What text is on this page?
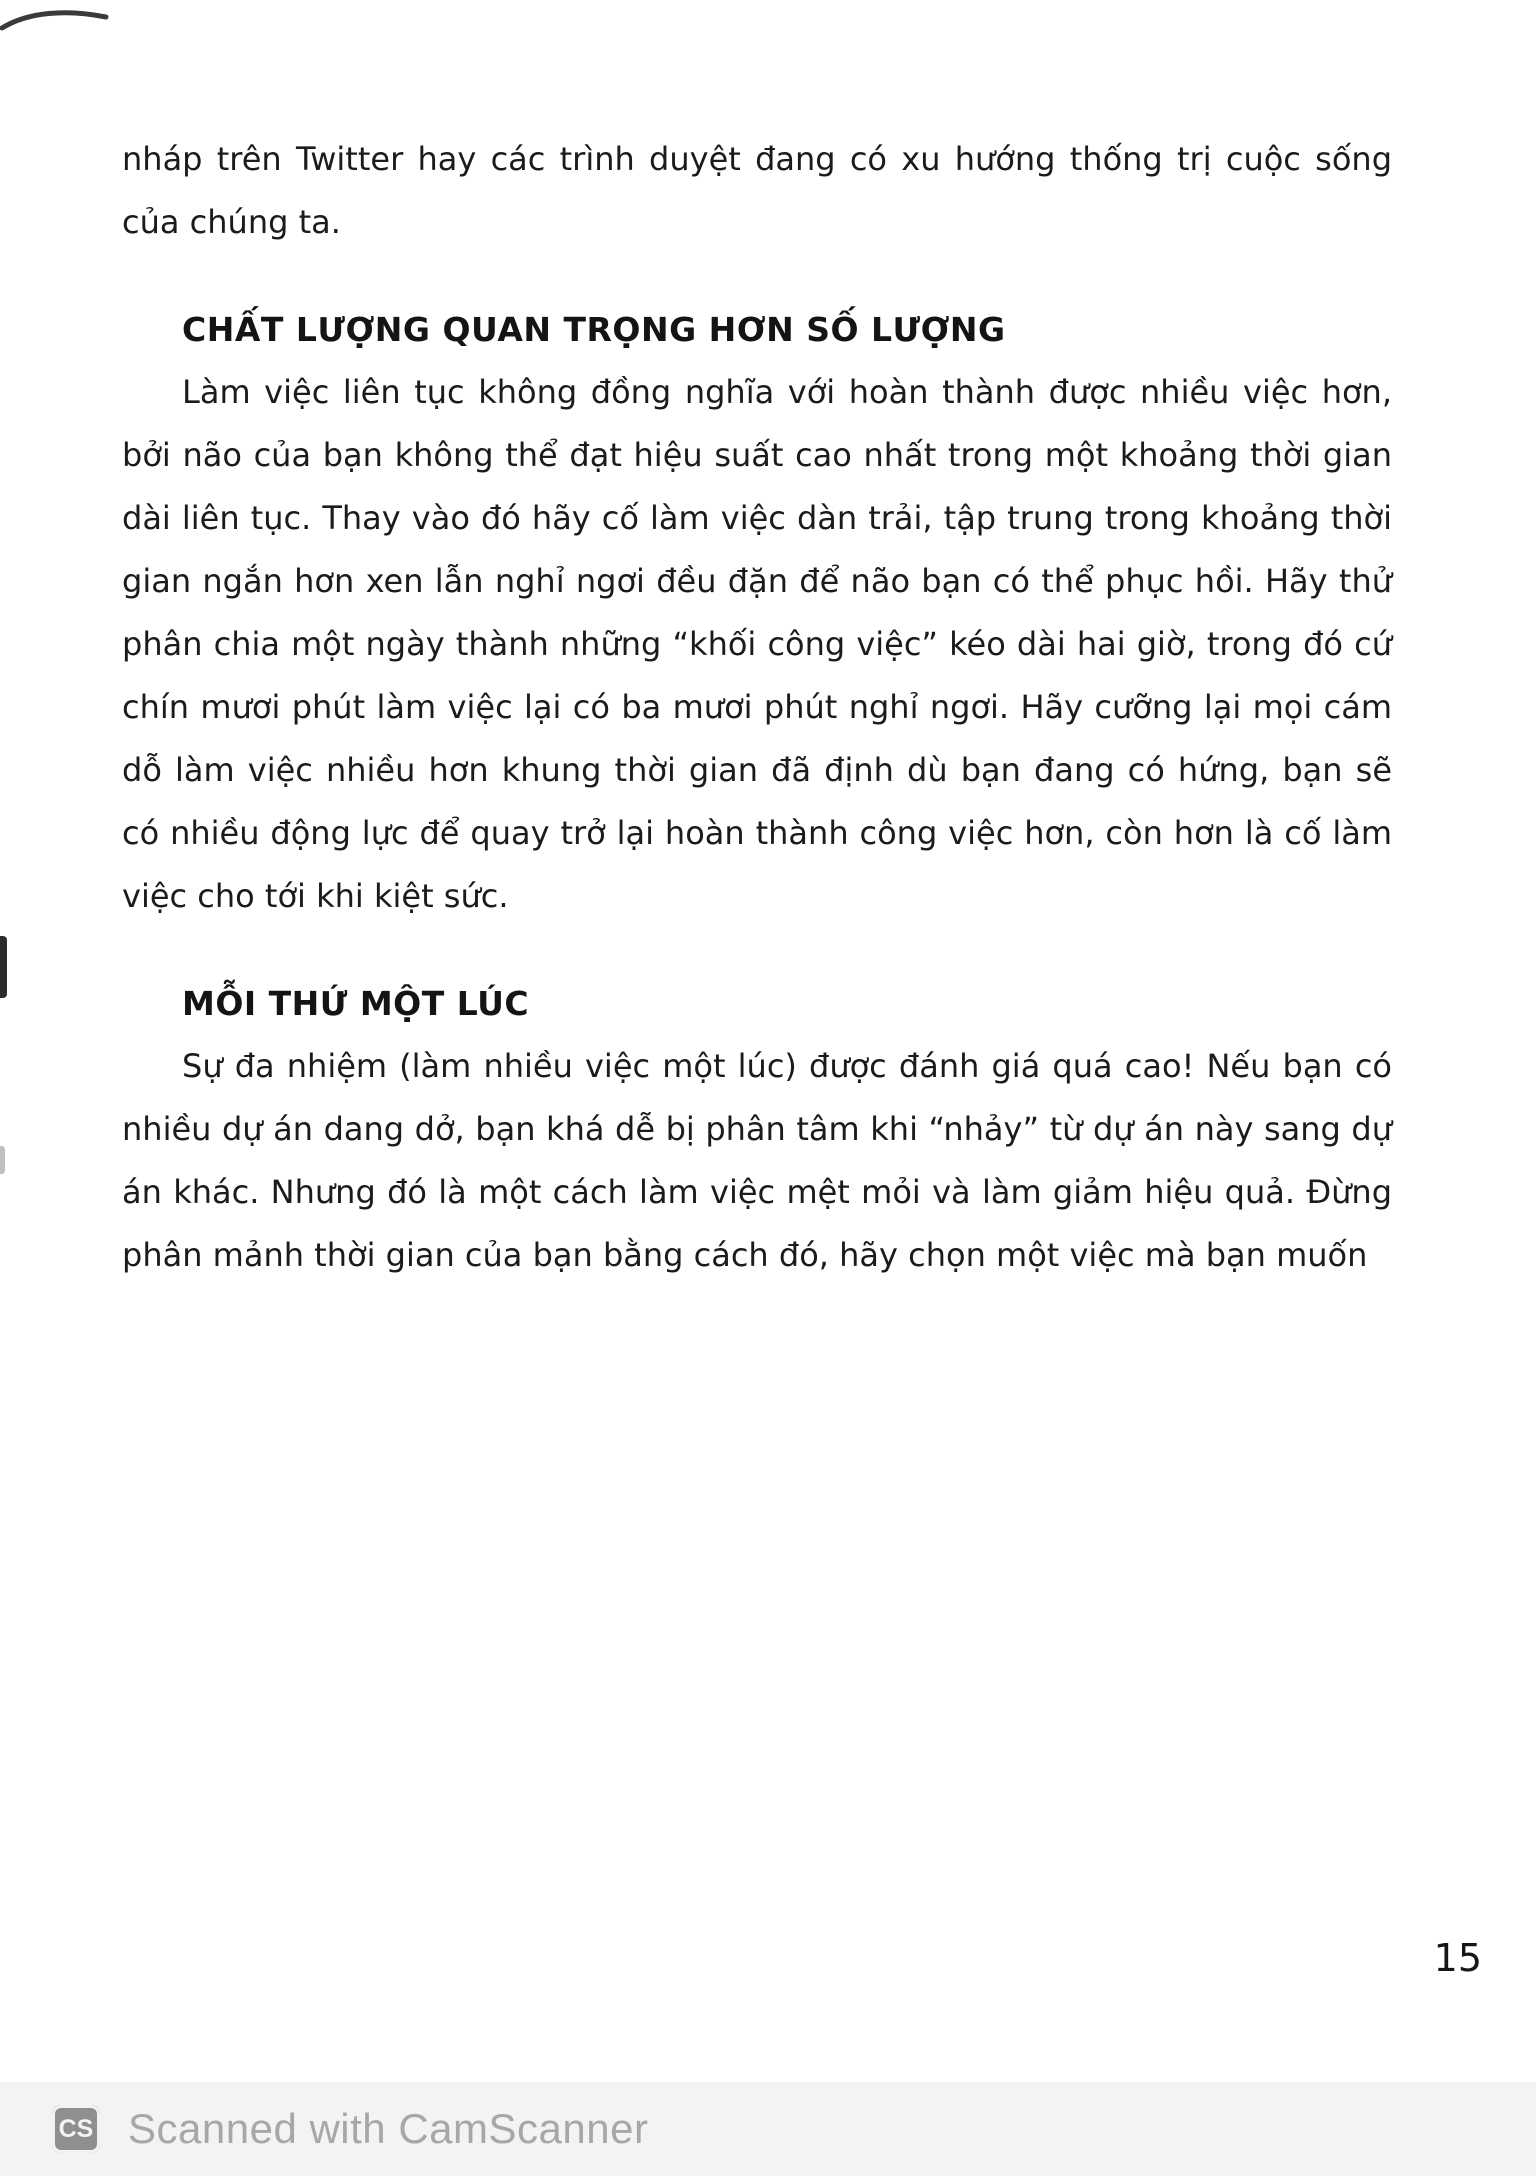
nháp trên Twitter hay các trình duyệt đang có xu hướng thống trị cuộc sống của chúng ta.

CHẤT LƯỢNG QUAN TRỌNG HƠN SỐ LƯỢNG

Làm việc liên tục không đồng nghĩa với hoàn thành được nhiều việc hơn, bởi não của bạn không thể đạt hiệu suất cao nhất trong một khoảng thời gian dài liên tục. Thay vào đó hãy cố làm việc dàn trải, tập trung trong khoảng thời gian ngắn hơn xen lẫn nghỉ ngơi đều đặn để não bạn có thể phục hồi. Hãy thử phân chia một ngày thành những “khối công việc” kéo dài hai giờ, trong đó cứ chín mươi phút làm việc lại có ba mươi phút nghỉ ngơi. Hãy cưỡng lại mọi cám dỗ làm việc nhiều hơn khung thời gian đã định dù bạn đang có hứng, bạn sẽ có nhiều động lực để quay trở lại hoàn thành công việc hơn, còn hơn là cố làm việc cho tới khi kiệt sức.

MỖI THỨ MỘT LÚC

Sự đa nhiệm (làm nhiều việc một lúc) được đánh giá quá cao! Nếu bạn có nhiều dự án dang dở, bạn khá dễ bị phân tâm khi “nhảy” từ dự án này sang dự án khác. Nhưng đó là một cách làm việc mệt mỏi và làm giảm hiệu quả. Đừng phân mảnh thời gian của bạn bằng cách đó, hãy chọn một việc mà bạn muốn

15
CS Scanned with CamScanner
